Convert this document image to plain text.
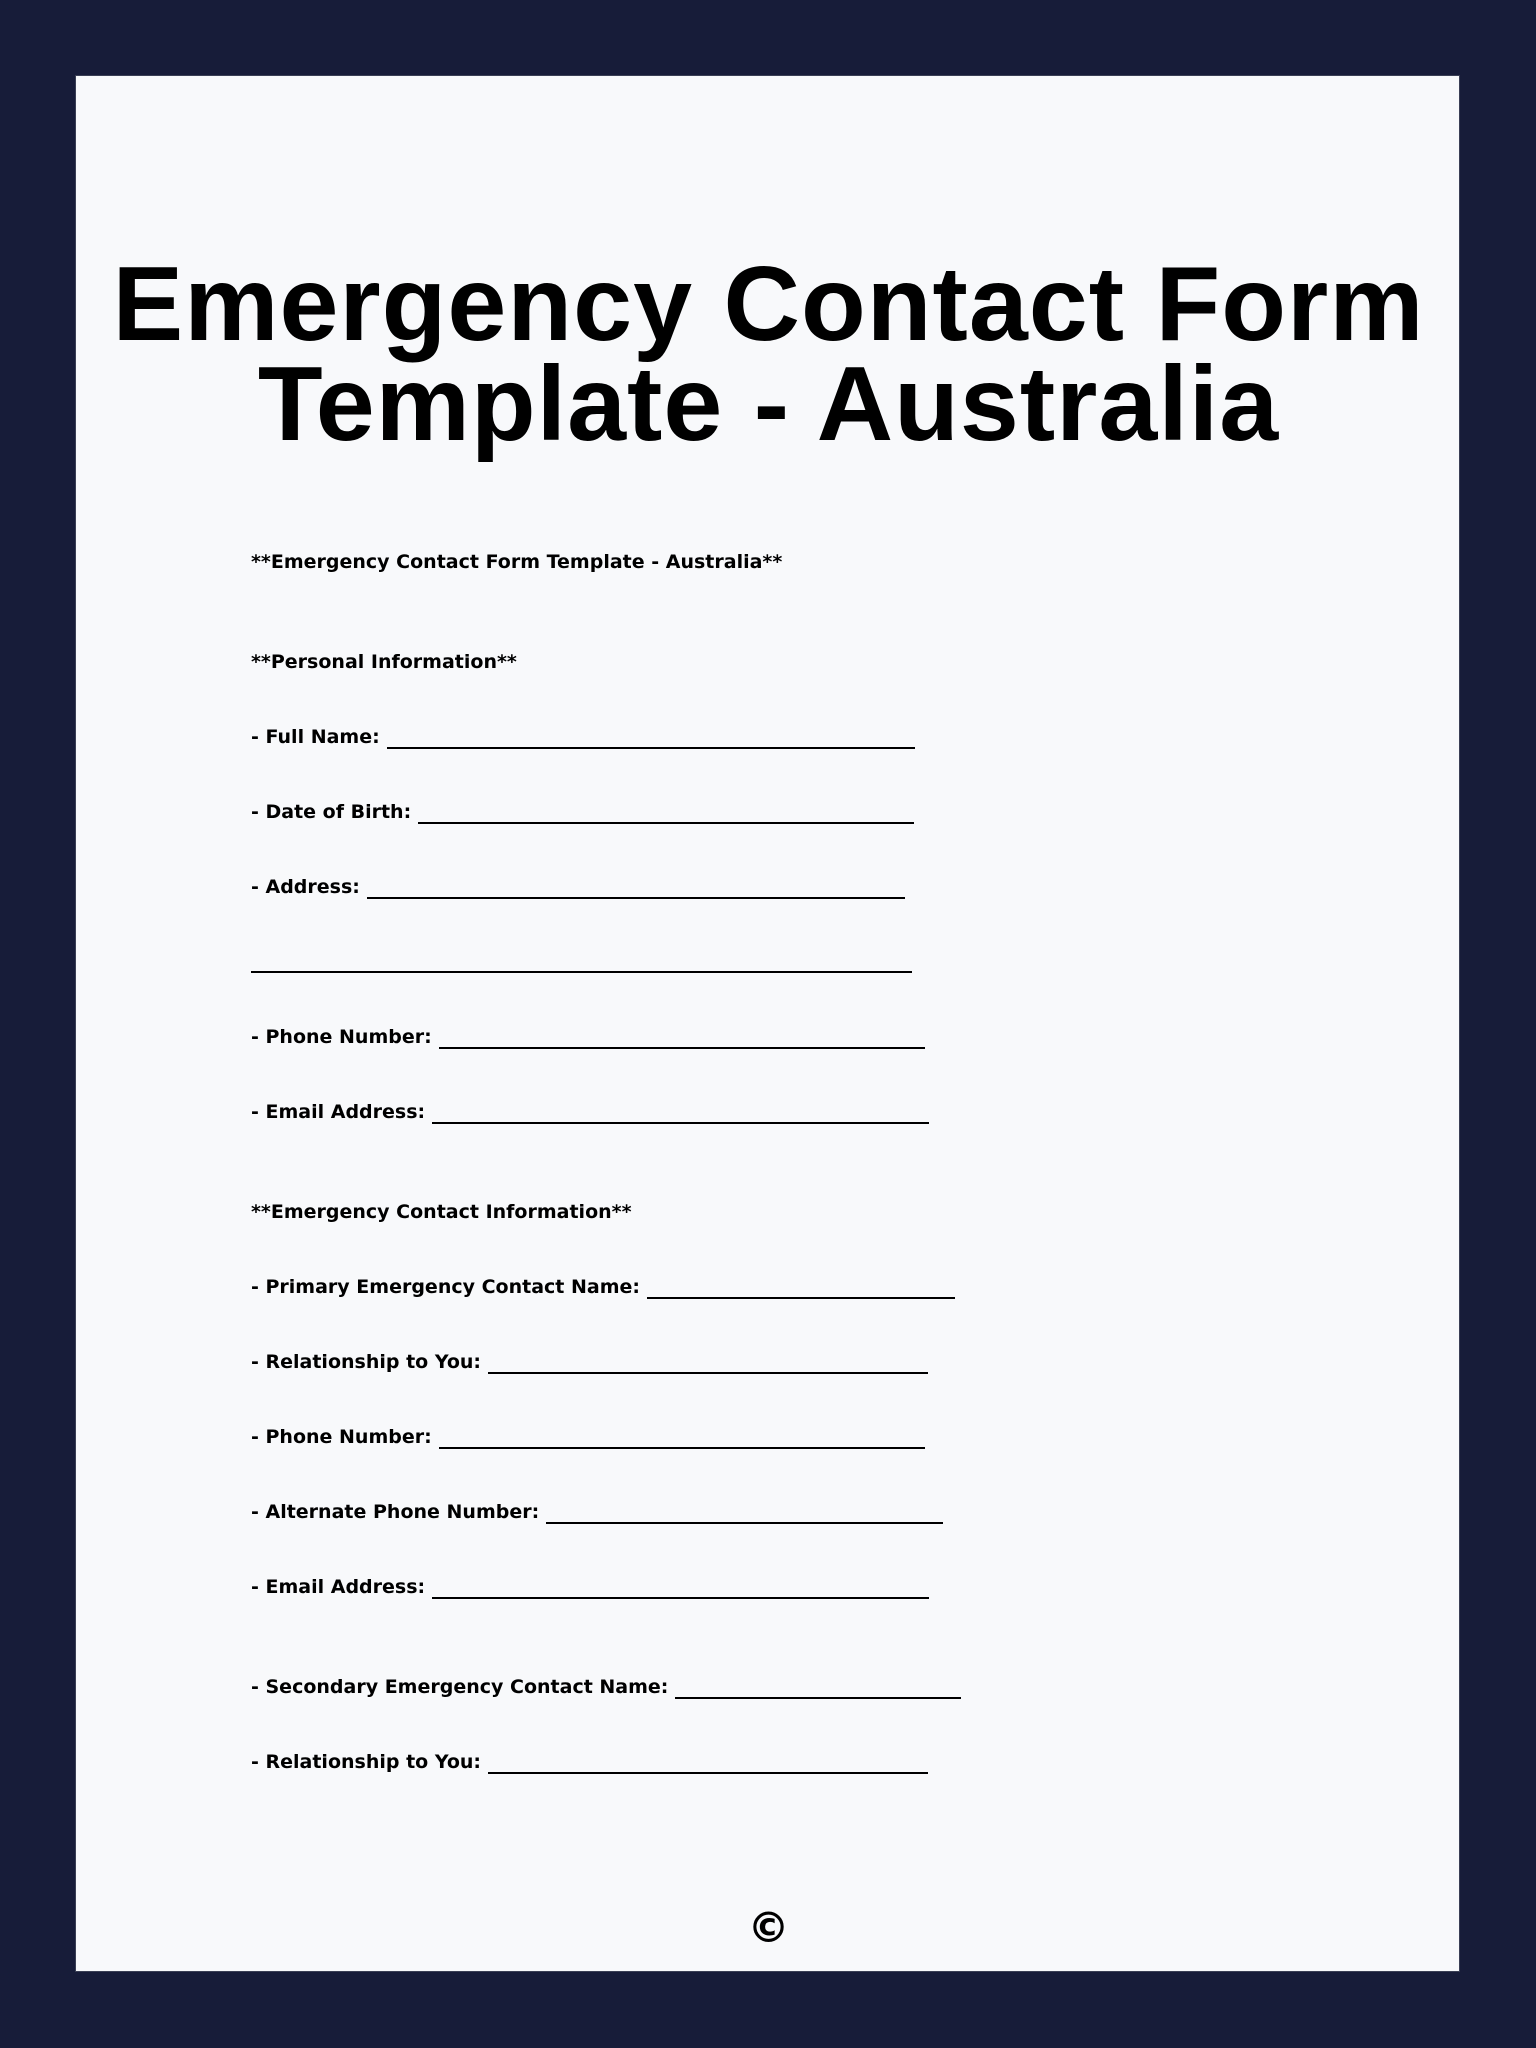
Emergency Contact Form Template - Australia

**Emergency Contact Form Template - Australia**

**Personal Information**

- Full Name:
- Date of Birth:
- Address:
- Phone Number:
- Email Address:

**Emergency Contact Information**

- Primary Emergency Contact Name:
- Relationship to You:
- Phone Number:
- Alternate Phone Number:
- Email Address:
- Secondary Emergency Contact Name:
- Relationship to You:
©
